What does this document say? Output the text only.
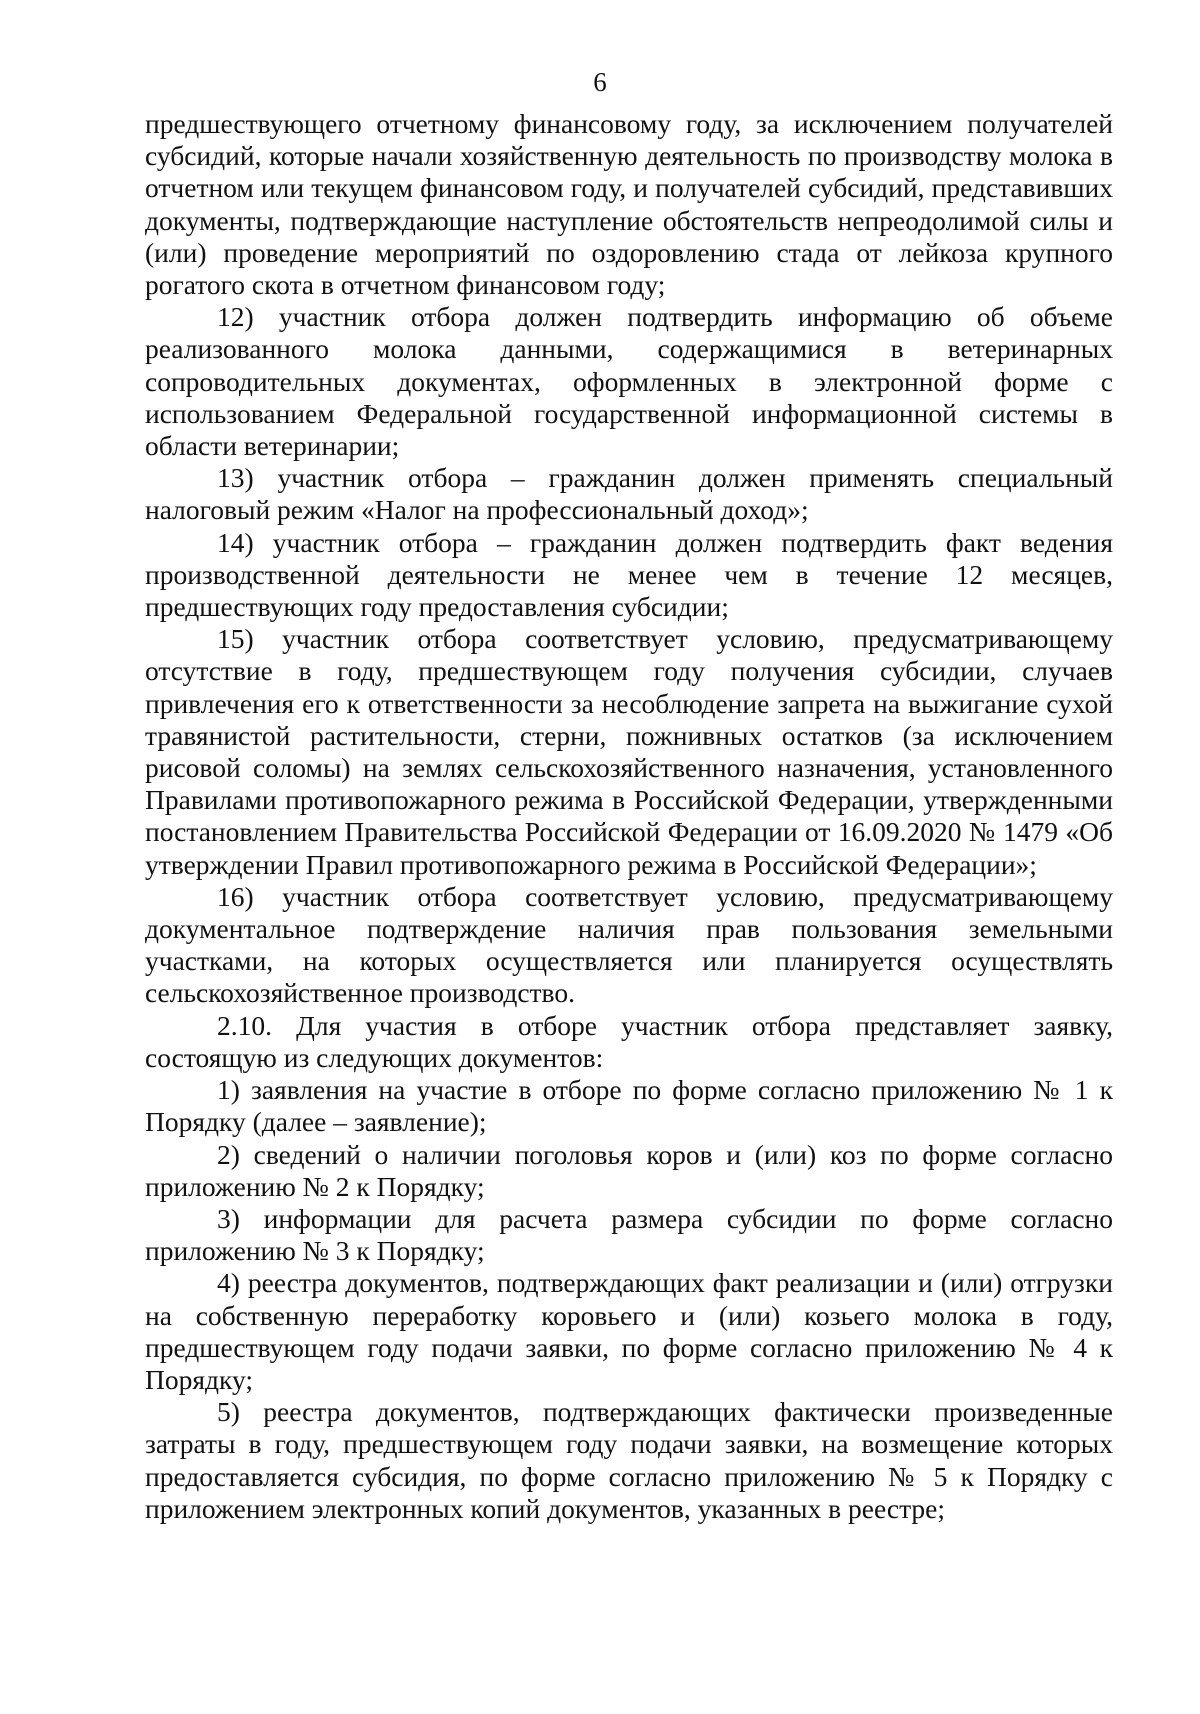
6

предшествующего отчетному финансовому году, за исключением получателей субсидий, которые начали хозяйственную деятельность по производству молока в отчетном или текущем финансовом году, и получателей субсидий, представивших документы, подтверждающие наступление обстоятельств непреодолимой силы и (или) проведение мероприятий по оздоровлению стада от лейкоза крупного рогатого скота в отчетном финансовом году;

12) участник отбора должен подтвердить информацию об объеме реализованного молока данными, содержащимися в ветеринарных сопроводительных документах, оформленных в электронной форме с использованием Федеральной государственной информационной системы в области ветеринарии;

13) участник отбора – гражданин должен применять специальный налоговый режим «Налог на профессиональный доход»;

14) участник отбора – гражданин должен подтвердить факт ведения производственной деятельности не менее чем в течение 12 месяцев, предшествующих году предоставления субсидии;

15) участник отбора соответствует условию, предусматривающему отсутствие в году, предшествующем году получения субсидии, случаев привлечения его к ответственности за несоблюдение запрета на выжигание сухой травянистой растительности, стерни, пожнивных остатков (за исключением рисовой соломы) на землях сельскохозяйственного назначения, установленного Правилами противопожарного режима в Российской Федерации, утвержденными постановлением Правительства Российской Федерации от 16.09.2020 № 1479 «Об утверждении Правил противопожарного режима в Российской Федерации»;

16) участник отбора соответствует условию, предусматривающему документальное подтверждение наличия прав пользования земельными участками, на которых осуществляется или планируется осуществлять сельскохозяйственное производство.

2.10. Для участия в отборе участник отбора представляет заявку, состоящую из следующих документов:

1) заявления на участие в отборе по форме согласно приложению № 1 к Порядку (далее – заявление);

2) сведений о наличии поголовья коров и (или) коз по форме согласно приложению № 2 к Порядку;

3) информации для расчета размера субсидии по форме согласно приложению № 3 к Порядку;

4) реестра документов, подтверждающих факт реализации и (или) отгрузки на собственную переработку коровьего и (или) козьего молока в году, предшествующем году подачи заявки, по форме согласно приложению № 4 к Порядку;

5) реестра документов, подтверждающих фактически произведенные затраты в году, предшествующем году подачи заявки, на возмещение которых предоставляется субсидия, по форме согласно приложению № 5 к Порядку с приложением электронных копий документов, указанных в реестре;
